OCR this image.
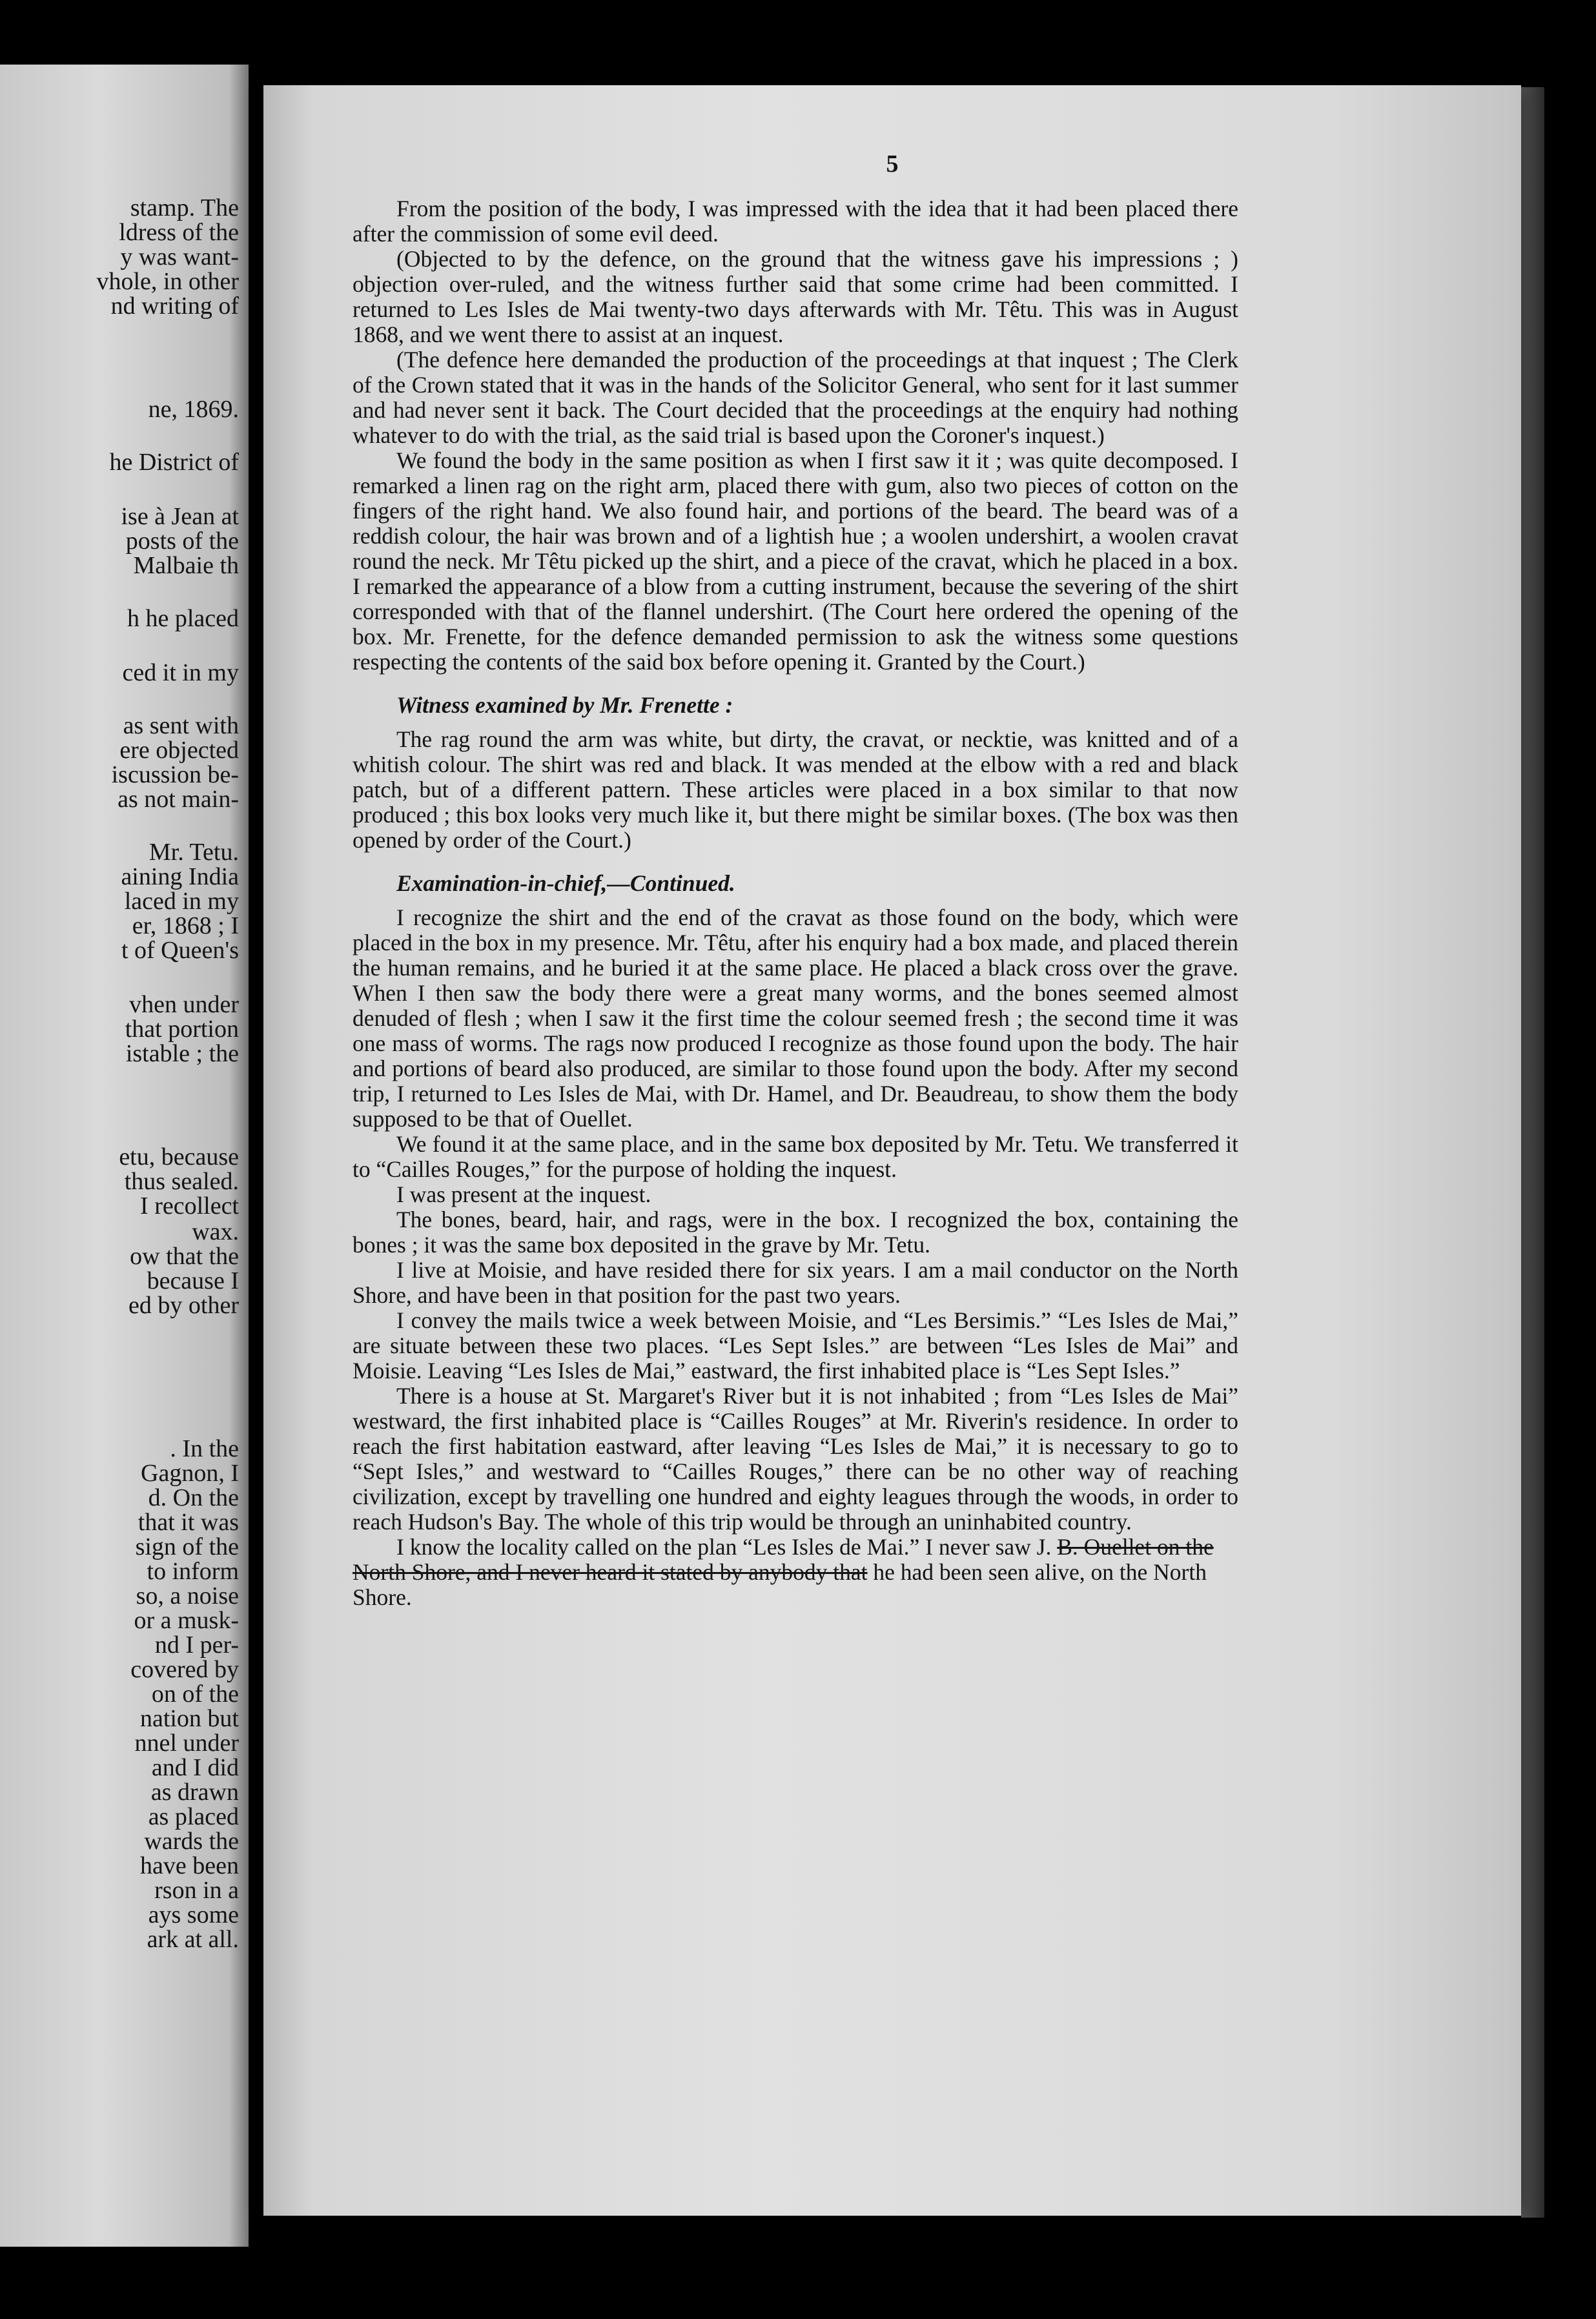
stamp. The
ldress of the
y was want-
vhole, in other
nd writing of
ne, 1869.
he District of
ise à Jean at
posts of the
Malbaie th
h he placed
ced it in my
as sent with
ere objected
iscussion be-
as not main-
Mr. Tetu.
aining India
laced in my
er, 1868 ; I
t of Queen's
vhen under
that portion
istable ; the
etu, because
thus sealed.
I recollect
wax.
ow that the
because I
ed by other
. In the
Gagnon, I
d. On the
that it was
sign of the
to inform
so, a noise
or a musk-
nd I per-
covered by
on of the
nation but
nnel under
and I did
as drawn
as placed
wards the
have been
rson in a
ays some
ark at all.
5

From the position of the body, I was impressed with the idea that it had been placed there after the commission of some evil deed.

(Objected to by the defence, on the ground that the witness gave his impressions ; ) objection over-ruled, and the witness further said that some crime had been committed. I returned to Les Isles de Mai twenty-two days afterwards with Mr. Têtu. This was in August 1868, and we went there to assist at an inquest.

(The defence here demanded the production of the proceedings at that inquest ; The Clerk of the Crown stated that it was in the hands of the Solicitor General, who sent for it last summer and had never sent it back. The Court decided that the proceedings at the enquiry had nothing whatever to do with the trial, as the said trial is based upon the Coroner's inquest.)

We found the body in the same position as when I first saw it it ; was quite decomposed. I remarked a linen rag on the right arm, placed there with gum, also two pieces of cotton on the fingers of the right hand. We also found hair, and portions of the beard. The beard was of a reddish colour, the hair was brown and of a lightish hue ; a woolen undershirt, a woolen cravat round the neck. Mr Têtu picked up the shirt, and a piece of the cravat, which he placed in a box. I remarked the appearance of a blow from a cutting instrument, because the severing of the shirt corresponded with that of the flannel undershirt. (The Court here ordered the opening of the box. Mr. Frenette, for the defence demanded permission to ask the witness some questions respecting the contents of the said box before opening it. Granted by the Court.)

Witness examined by Mr. Frenette :

The rag round the arm was white, but dirty, the cravat, or necktie, was knitted and of a whitish colour. The shirt was red and black. It was mended at the elbow with a red and black patch, but of a different pattern. These articles were placed in a box similar to that now produced ; this box looks very much like it, but there might be similar boxes. (The box was then opened by order of the Court.)

Examination-in-chief,—Continued.

I recognize the shirt and the end of the cravat as those found on the body, which were placed in the box in my presence. Mr. Têtu, after his enquiry had a box made, and placed therein the human remains, and he buried it at the same place. He placed a black cross over the grave. When I then saw the body there were a great many worms, and the bones seemed almost denuded of flesh ; when I saw it the first time the colour seemed fresh ; the second time it was one mass of worms. The rags now produced I recognize as those found upon the body. The hair and portions of beard also produced, are similar to those found upon the body. After my second trip, I returned to Les Isles de Mai, with Dr. Hamel, and Dr. Beaudreau, to show them the body supposed to be that of Ouellet.

We found it at the same place, and in the same box deposited by Mr. Tetu. We transferred it to “Cailles Rouges,” for the purpose of holding the inquest.

I was present at the inquest.

The bones, beard, hair, and rags, were in the box. I recognized the box, containing the bones ; it was the same box deposited in the grave by Mr. Tetu.

I live at Moisie, and have resided there for six years. I am a mail conductor on the North Shore, and have been in that position for the past two years.

I convey the mails twice a week between Moisie, and “Les Bersimis.” “Les Isles de Mai,” are situate between these two places. “Les Sept Isles.” are between “Les Isles de Mai” and Moisie. Leaving “Les Isles de Mai,” eastward, the first inhabited place is “Les Sept Isles.”

There is a house at St. Margaret's River but it is not inhabited ; from “Les Isles de Mai” westward, the first inhabited place is “Cailles Rouges” at Mr. Riverin's residence. In order to reach the first habitation eastward, after leaving “Les Isles de Mai,” it is necessary to go to “Sept Isles,” and westward to “Cailles Rouges,” there can be no other way of reaching civilization, except by travelling one hundred and eighty leagues through the woods, in order to reach Hudson's Bay. The whole of this trip would be through an uninhabited country.

I know the locality called on the plan “Les Isles de Mai.” I never saw J. B. Ouellet on the North Shore, and I never heard it stated by anybody that he had been seen alive, on the North Shore.
